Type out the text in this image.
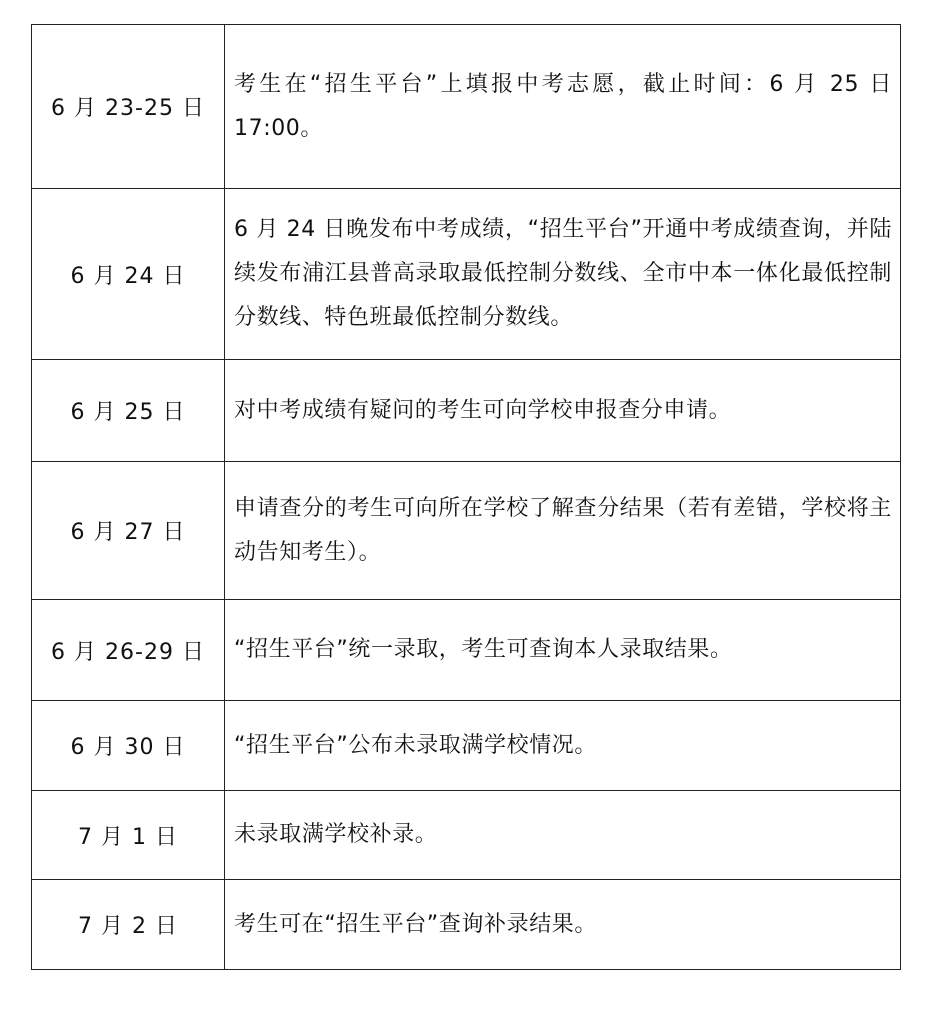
6 月 23-25 日	考生在“招生平台”上填报中考志愿，截止时间：6 月 25 日 17:00。
6 月 24 日	6 月 24 日晚发布中考成绩，“招生平台”开通中考成绩查询，并陆续发布浦江县普高录取最低控制分数线、全市中本一体化最低控制分数线、特色班最低控制分数线。
6 月 25 日	对中考成绩有疑问的考生可向学校申报查分申请。
6 月 27 日	申请查分的考生可向所在学校了解查分结果（若有差错，学校将主动告知考生）。
6 月 26-29 日	“招生平台”统一录取，考生可查询本人录取结果。
6 月 30 日	“招生平台”公布未录取满学校情况。
7 月 1 日	未录取满学校补录。
7 月 2 日	考生可在“招生平台”查询补录结果。
